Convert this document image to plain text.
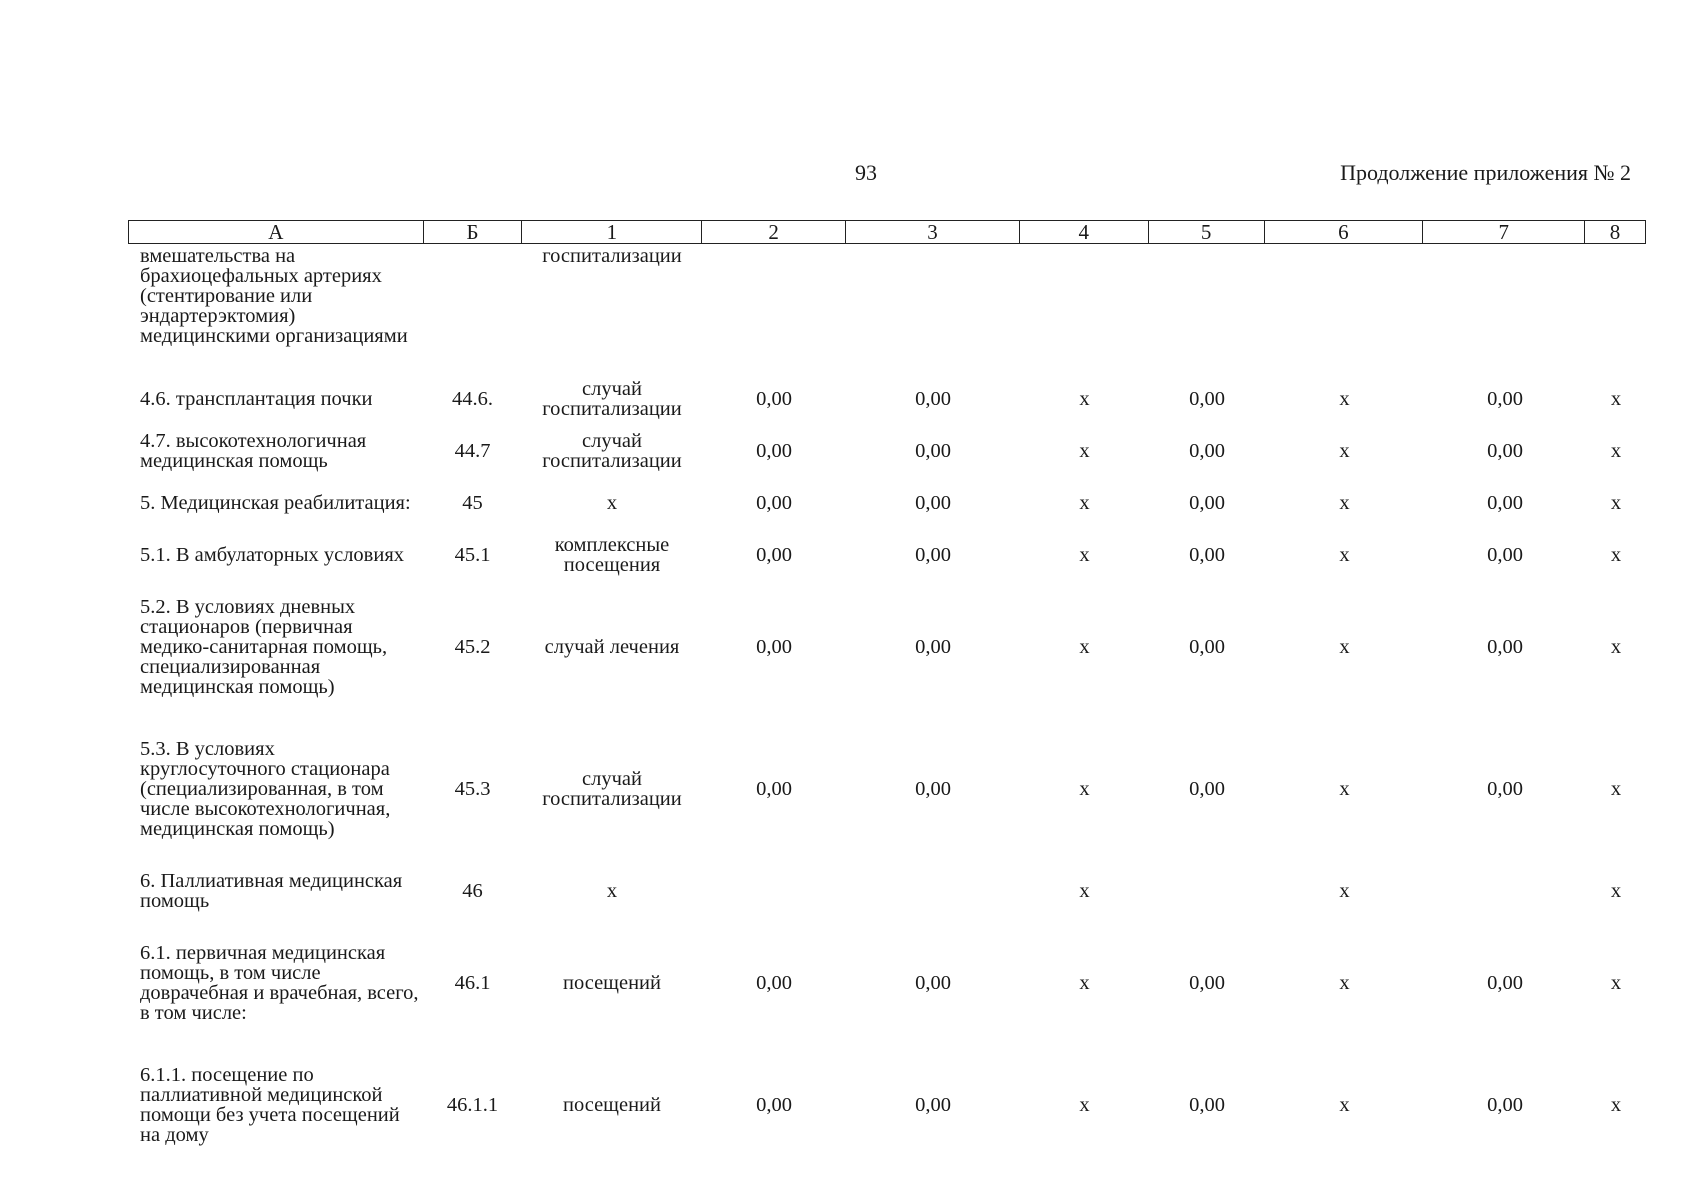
93	Продолжение приложения № 2
А	Б	1	2	3	4	5	6	7	8
вмешательства на брахиоцефальных артериях (стентирование или эндартерэктомия) медицинскими организациями		госпитализации							

4.6. трансплантация почки	44.6.	случай госпитализации	0,00	0,00	х	0,00	х	0,00	х

4.7. высокотехнологичная медицинская помощь	44.7	случай госпитализации	0,00	0,00	х	0,00	х	0,00	х

5. Медицинская реабилитация:	45	х	0,00	0,00	х	0,00	х	0,00	х

5.1. В амбулаторных условиях	45.1	комплексные посещения	0,00	0,00	х	0,00	х	0,00	х

5.2. В условиях дневных стационаров (первичная медико-санитарная помощь, специализированная медицинская помощь)	45.2	случай лечения	0,00	0,00	х	0,00	х	0,00	х

5.3. В условиях круглосуточного стационара (специализированная, в том числе высокотехнологичная, медицинская помощь)	45.3	случай госпитализации	0,00	0,00	х	0,00	х	0,00	х

6. Паллиативная медицинская помощь	46	х			х		х		х

6.1. первичная медицинская помощь, в том числе доврачебная и врачебная, всего, в том числе:	46.1	посещений	0,00	0,00	х	0,00	х	0,00	х

6.1.1. посещение по паллиативной медицинской помощи без учета посещений на дому	46.1.1	посещений	0,00	0,00	х	0,00	х	0,00	х
